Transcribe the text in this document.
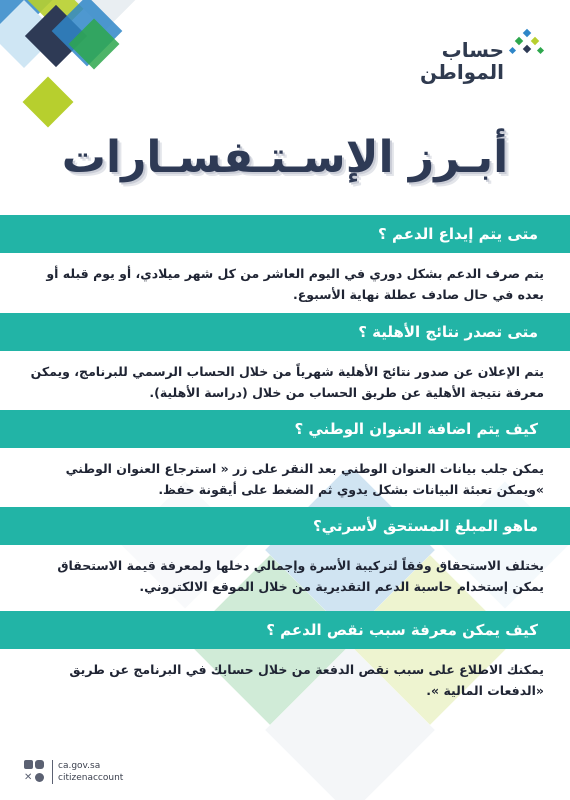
حساب
المواطن
أبـرز الإسـتـفسـارات
متى يتم إيداع الدعم ؟
يتم صرف الدعم بشكل دوري في اليوم العاشر من كل شهر ميلادي، أو يوم قبله أو بعده في حال صادف عطلة نهاية الأسبوع.
متى تصدر نتائج الأهلية ؟
يتم الإعلان عن صدور نتائج الأهلية شهرياً من خلال الحساب الرسمي للبرنامج، ويمكن معرفة نتيجة الأهلية عن طريق الحساب من خلال (دراسة الأهلية).
كيف يتم اضافة العنوان الوطني ؟
يمكن جلب بيانات العنوان الوطني بعد النقر على زر « استرجاع العنوان الوطني »ويمكن تعبئة البيانات بشكل يدوي ثم الضغط على أيقونة حفظ.
ماهو المبلغ المستحق لأسرتي؟
يختلف الاستحقاق وفقاً لتركيبة الأسرة وإجمالي دخلها ولمعرفة قيمة الاستحقاق يمكن إستخدام حاسبة الدعم التقديرية من خلال الموقع الالكتروني.
كيف يمكن معرفة سبب نقص الدعم ؟
يمكنك الاطلاع على سبب نقص الدفعة من خلال حسابك في البرنامج عن طريق «الدفعات المالية ».
✕
ca.gov.sa
citizenaccount
